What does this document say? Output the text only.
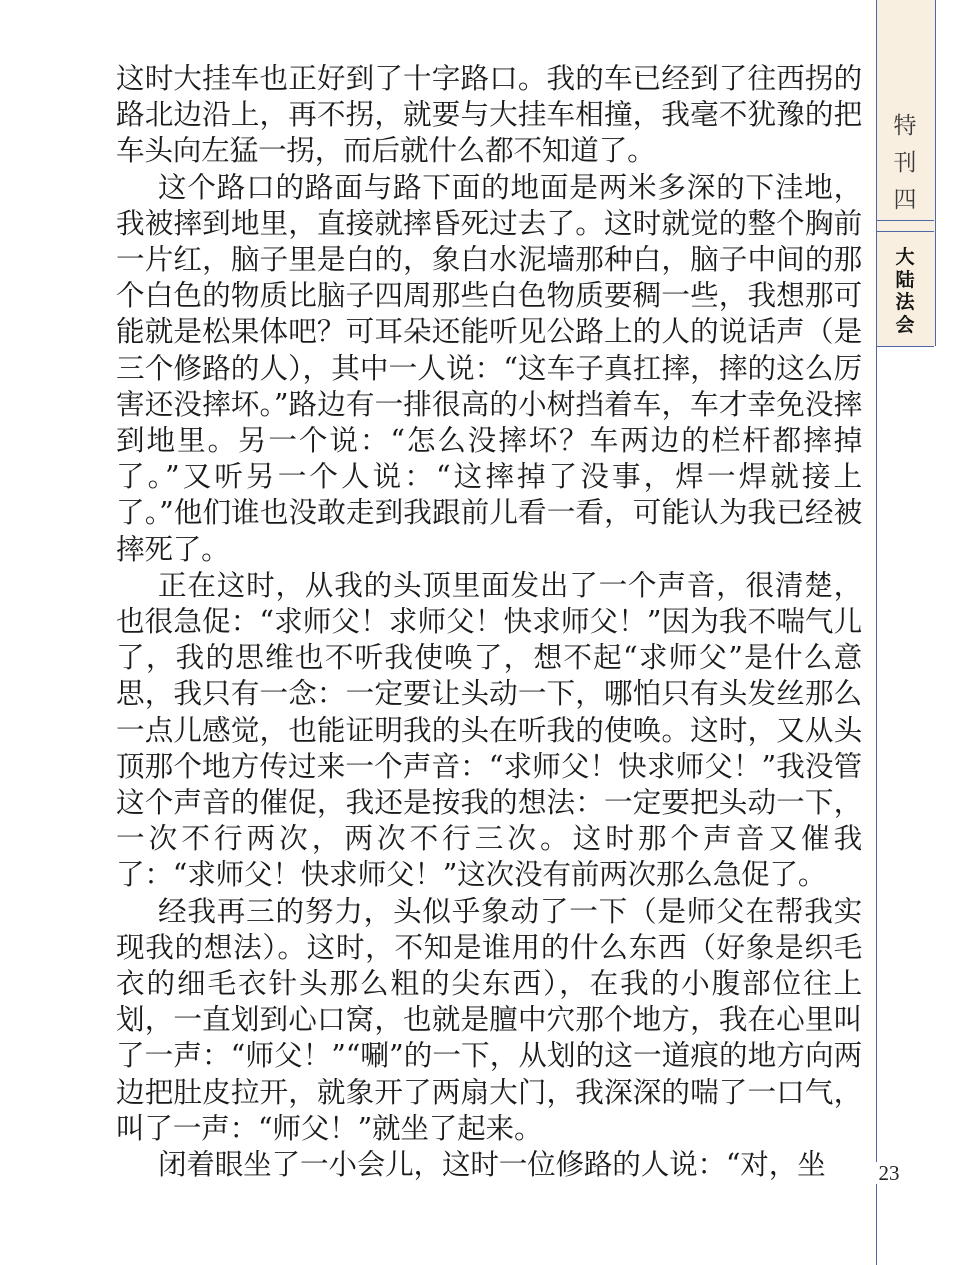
特
刊
四
大
陆
法
会

这时大挂车也正好到了十字路口。我的车已经到了往西拐的路北边沿上，再不拐，就要与大挂车相撞，我毫不犹豫的把车头向左猛一拐，而后就什么都不知道了。

这个路口的路面与路下面的地面是两米多深的下洼地，我被摔到地里，直接就摔昏死过去了。这时就觉的整个胸前一片红，脑子里是白的，象白水泥墙那种白，脑子中间的那个白色的物质比脑子四周那些白色物质要稠一些，我想那可能就是松果体吧？可耳朵还能听见公路上的人的说话声（是三个修路的人），其中一人说：“这车子真扛摔，摔的这么厉害还没摔坏。”路边有一排很高的小树挡着车，车才幸免没摔到地里。另一个说：“怎么没摔坏？车两边的栏杆都摔掉了。”又听另一个人说：“这摔掉了没事，焊一焊就接上了。”他们谁也没敢走到我跟前儿看一看，可能认为我已经被摔死了。

正在这时，从我的头顶里面发出了一个声音，很清楚，也很急促：“求师父！求师父！快求师父！”因为我不喘气儿了，我的思维也不听我使唤了，想不起“求师父”是什么意思，我只有一念：一定要让头动一下，哪怕只有头发丝那么一点儿感觉，也能证明我的头在听我的使唤。这时，又从头顶那个地方传过来一个声音：“求师父！快求师父！”我没管这个声音的催促，我还是按我的想法：一定要把头动一下，一次不行两次，两次不行三次。这时那个声音又催我了：“求师父！快求师父！”这次没有前两次那么急促了。

经我再三的努力，头似乎象动了一下（是师父在帮我实现我的想法）。这时，不知是谁用的什么东西（好象是织毛衣的细毛衣针头那么粗的尖东西），在我的小腹部位往上划，一直划到心口窝，也就是膻中穴那个地方，我在心里叫了一声：“师父！”“唰”的一下，从划的这一道痕的地方向两边把肚皮拉开，就象开了两扇大门，我深深的喘了一口气，叫了一声：“师父！”就坐了起来。

闭着眼坐了一小会儿，这时一位修路的人说：“对，坐	23
